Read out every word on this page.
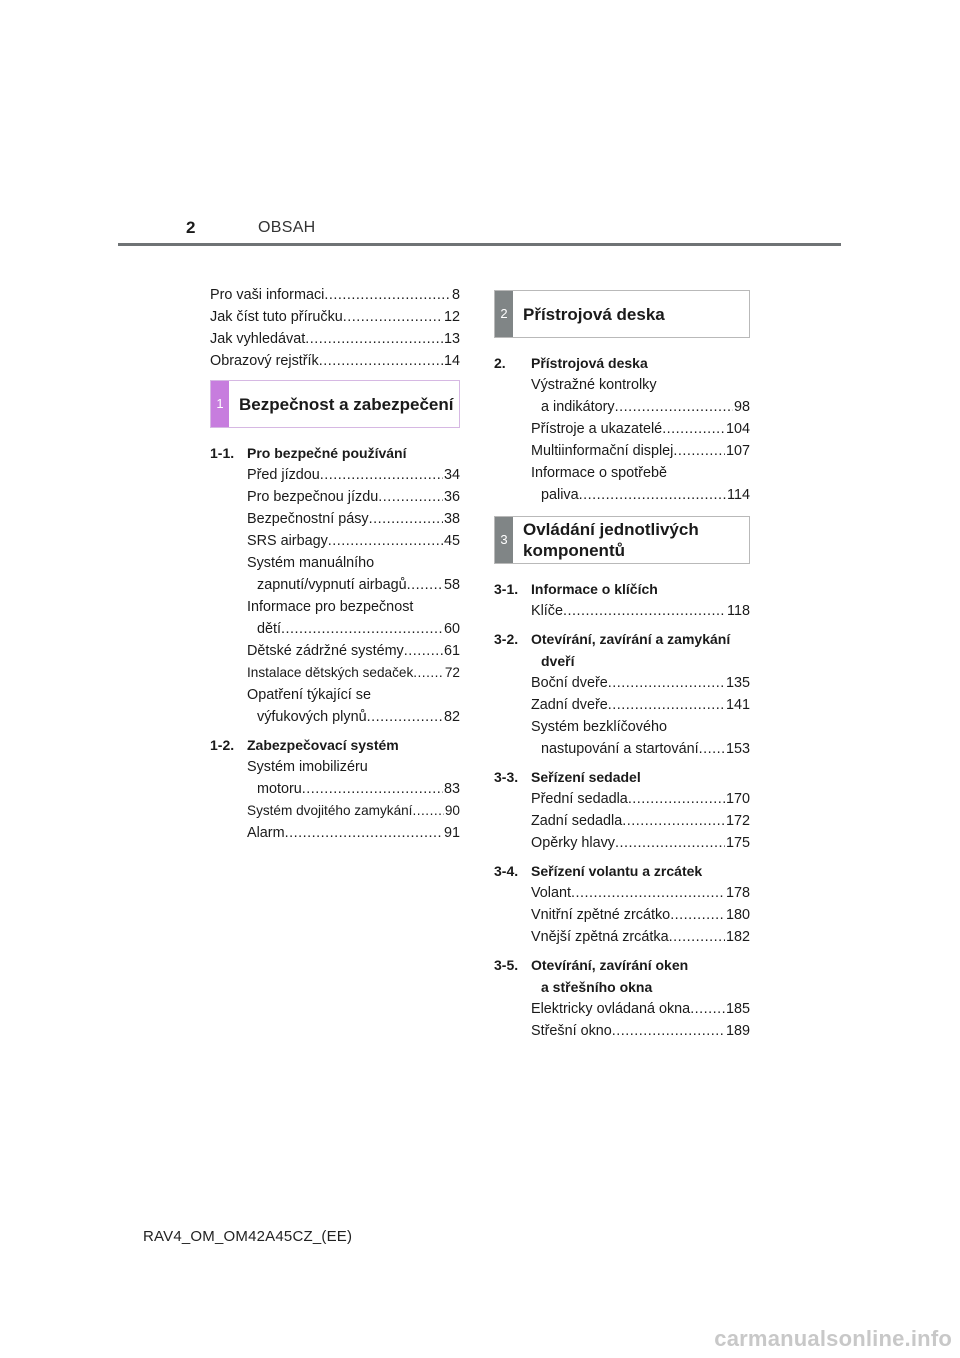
2	OBSAH
Pro vaši informaci .....	8
Jak číst tuto příručku .....	12
Jak vyhledávat .....	13
Obrazový rejstřík .....	14
1 Bezpečnost a zabezpečení
1-1. Pro bezpečné používání
Před jízdou .....	34
Pro bezpečnou jízdu .....	36
Bezpečnostní pásy .....	38
SRS airbagy .....	45
Systém manuálního
zapnutí/vypnutí airbagů .....	58
Informace pro bezpečnost
dětí .....	60
Dětské zádržné systémy .....	61
Instalace dětských sedaček ..... 72
Opatření týkající se
výfukových plynů .....	82
1-2. Zabezpečovací systém
Systém imobilizéru
motoru .....	83
Systém dvojitého zamykání ..... 90
Alarm .....	91
2 Přístrojová deska
2.	Přístrojová deska
Výstražné kontrolky
a indikátory .....	98
Přístroje a ukazatelé .....	104
Multiinformační displej .....	107
Informace o spotřebě
paliva .....	114
3
Ovládání jednotlivých
komponentů
3-1. Informace o klíčích
Klíče .....	118
3-2. Otevírání, zavírání a zamykání
dveří
Boční dveře .....	135
Zadní dveře .....	141
Systém bezklíčového
nastupování a startování ..... 153
3-3. Seřízení sedadel
Přední sedadla .....	170
Zadní sedadla .....	172
Opěrky hlavy .....	175
3-4. Seřízení volantu a zrcátek
Volant .....	178
Vnitřní zpětné zrcátko .....	180
Vnější zpětná zrcátka .....	182
3-5. Otevírání, zavírání oken
a střešního okna
Elektricky ovládaná okna ..... 185
Střešní okno .....	189
RAV4_OM_OM42A45CZ_(EE)
carmanualsonline.info
